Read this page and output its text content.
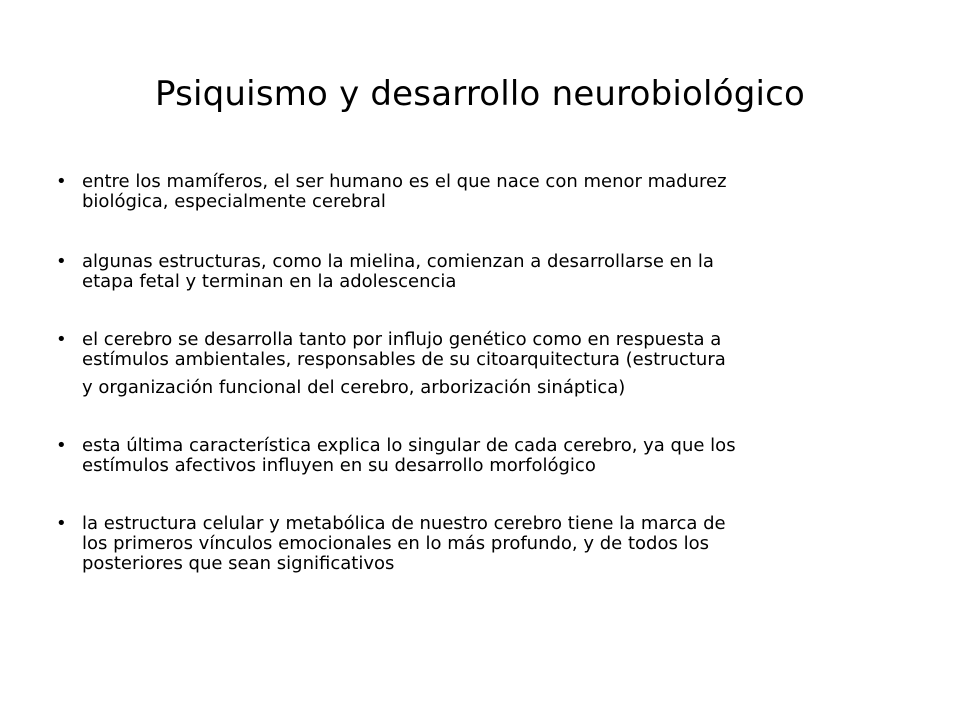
Psiquismo y desarrollo neurobiológico
• entre los mamíferos, el ser humano es el que nace con menor madurez
biológica, especialmente cerebral
• algunas estructuras, como la mielina, comienzan a desarrollarse en la
etapa fetal y terminan en la adolescencia
• el cerebro se desarrolla tanto por influjo genético como en respuesta a
estímulos ambientales, responsables de su citoarquitectura (estructura
y organización funcional del cerebro, arborización sináptica)
• esta última característica explica lo singular de cada cerebro, ya que los
estímulos afectivos influyen en su desarrollo morfológico
• la estructura celular y metabólica de nuestro cerebro tiene la marca de
los primeros vínculos emocionales en lo más profundo, y de todos los
posteriores que sean significativos
